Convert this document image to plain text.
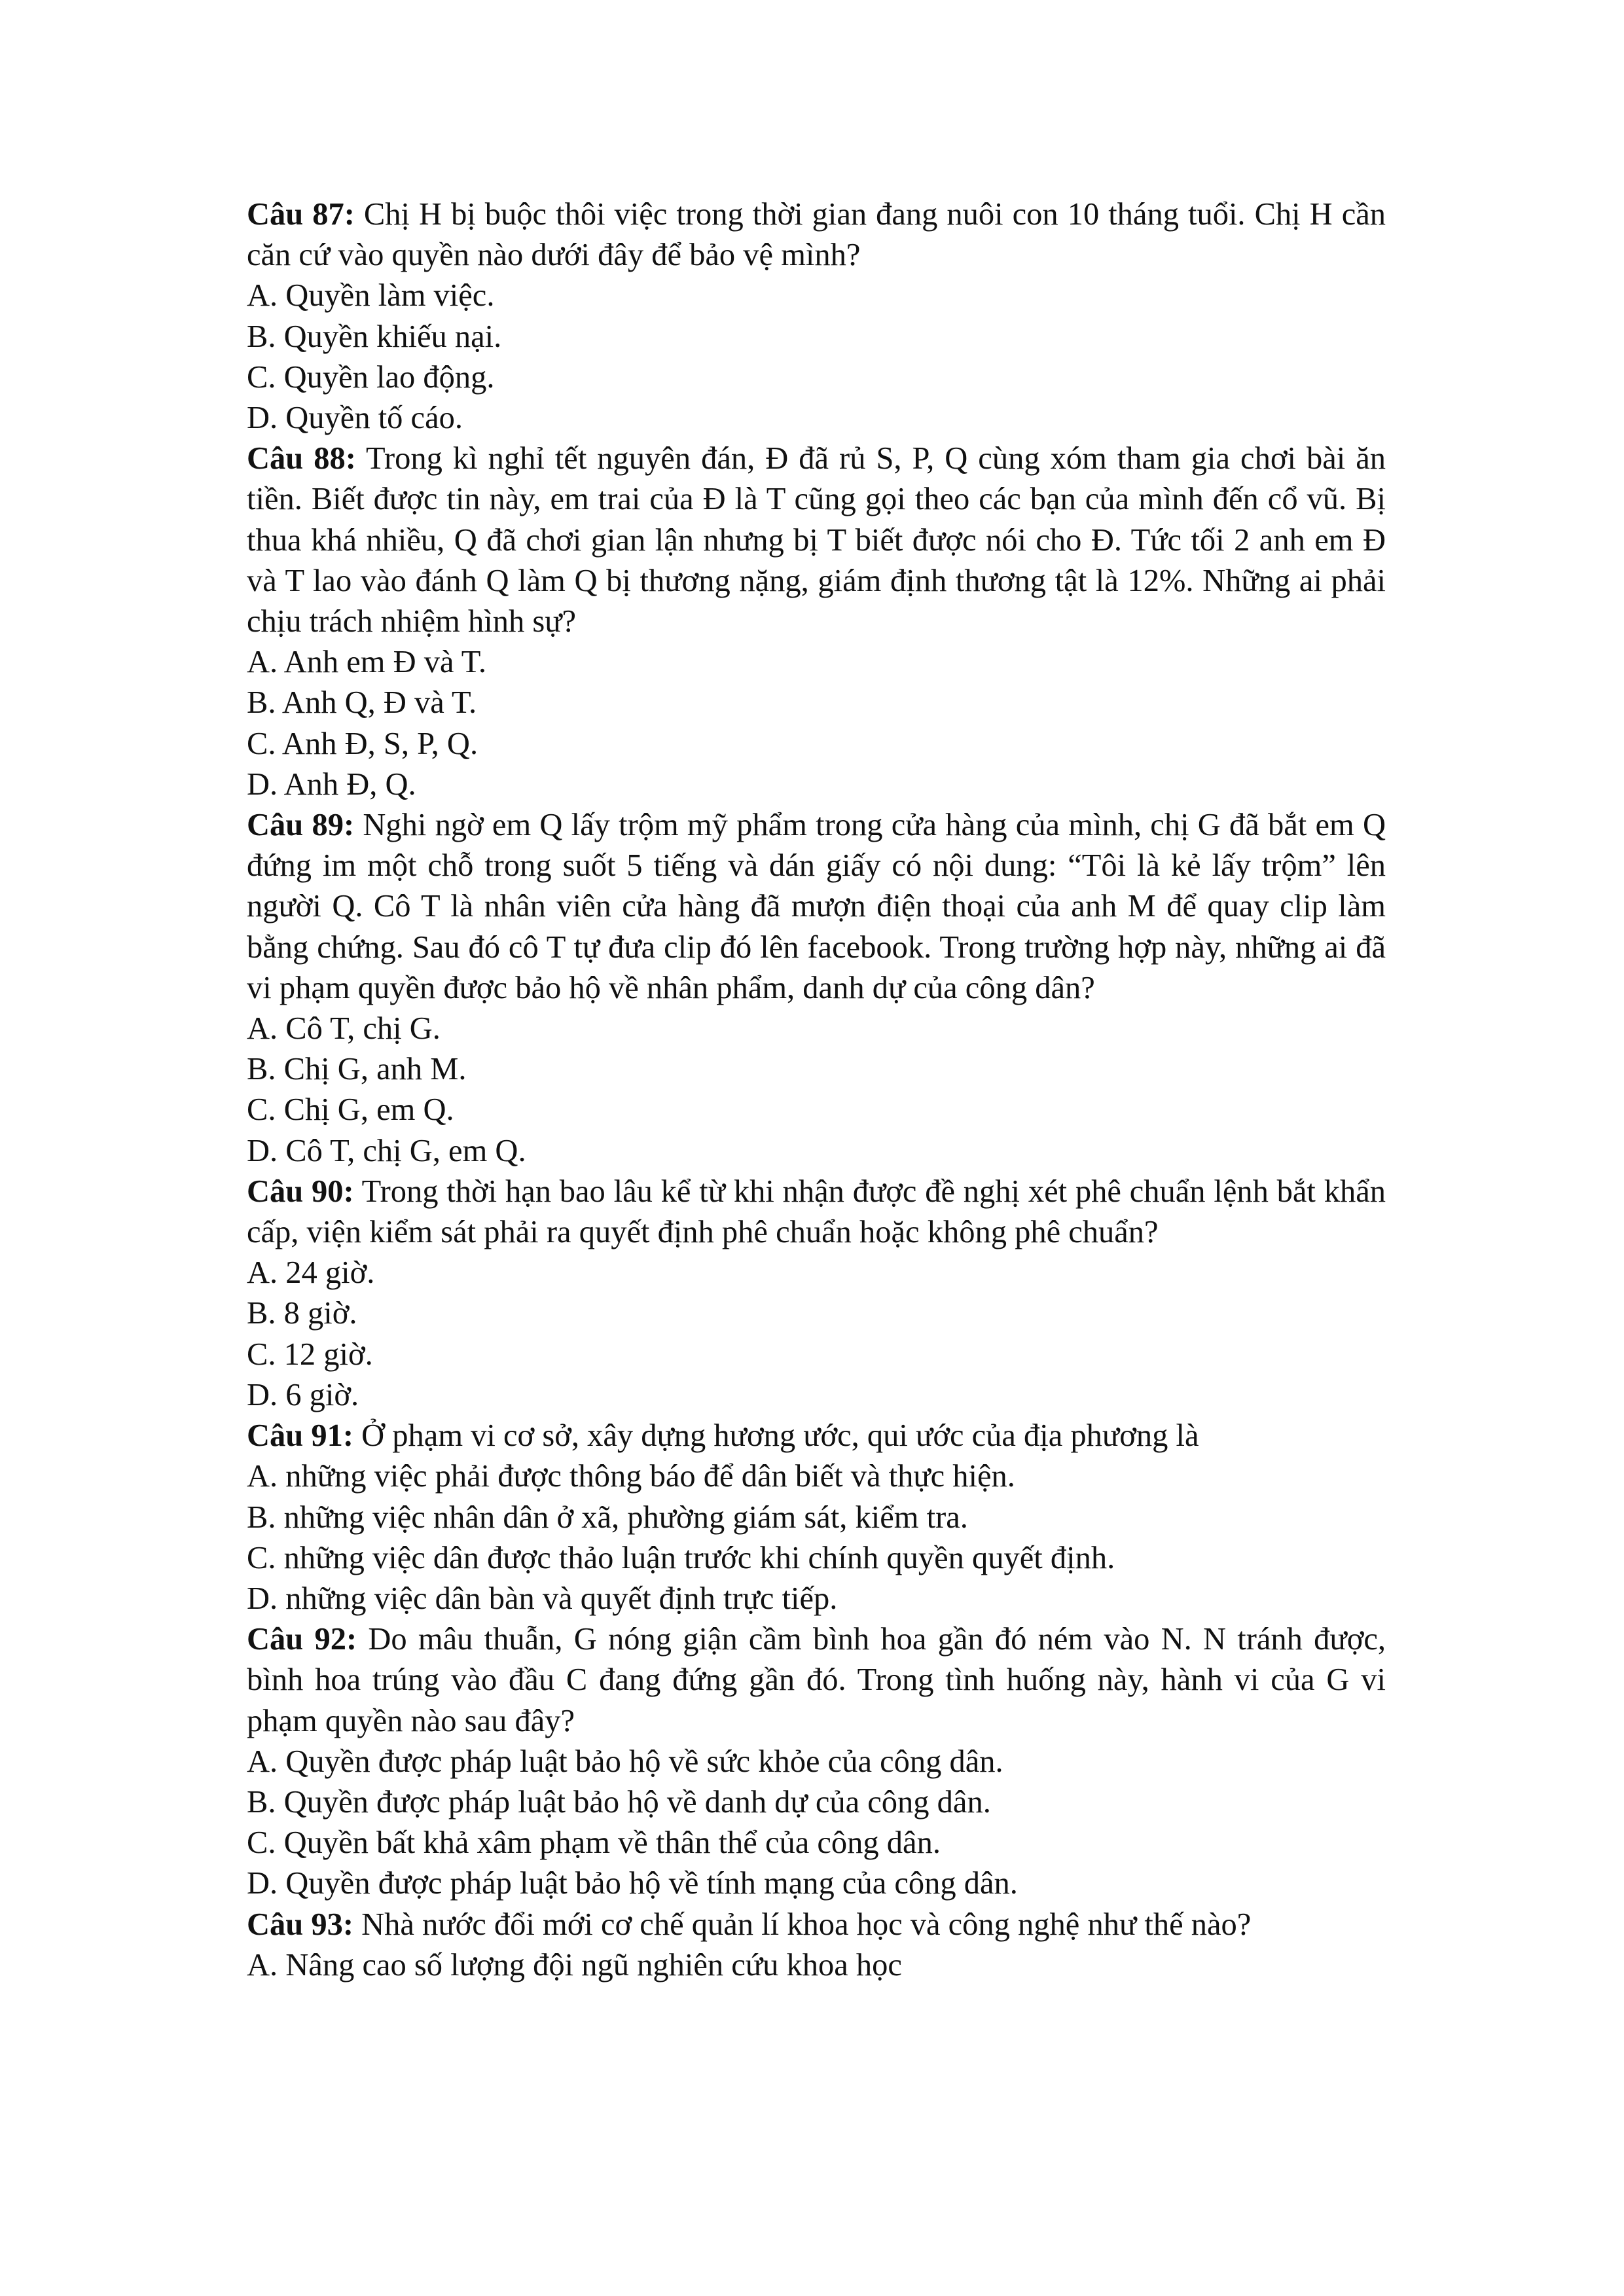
Câu 87: Chị H bị buộc thôi việc trong thời gian đang nuôi con 10 tháng tuổi. Chị H cần căn cứ vào quyền nào dưới đây để bảo vệ mình?

A. Quyền làm việc.

B. Quyền khiếu nại.

C. Quyền lao động.

D. Quyền tố cáo.

Câu 88: Trong kì nghỉ tết nguyên đán, Đ đã rủ S, P, Q cùng xóm tham gia chơi bài ăn tiền. Biết được tin này, em trai của Đ là T cũng gọi theo các bạn của mình đến cổ vũ. Bị thua khá nhiều, Q đã chơi gian lận nhưng bị T biết được nói cho Đ. Tức tối 2 anh em Đ và T lao vào đánh Q làm Q bị thương nặng, giám định thương tật là 12%. Những ai phải chịu trách nhiệm hình sự?

A. Anh em Đ và T.

B. Anh Q, Đ và T.

C. Anh Đ, S, P, Q.

D. Anh Đ, Q.

Câu 89: Nghi ngờ em Q lấy trộm mỹ phẩm trong cửa hàng của mình, chị G đã bắt em Q đứng im một chỗ trong suốt 5 tiếng và dán giấy có nội dung: “Tôi là kẻ lấy trộm” lên người Q. Cô T là nhân viên cửa hàng đã mượn điện thoại của anh M để quay clip làm bằng chứng. Sau đó cô T tự đưa clip đó lên facebook. Trong trường hợp này, những ai đã vi phạm quyền được bảo hộ về nhân phẩm, danh dự của công dân?

A. Cô T, chị G.

B. Chị G, anh M.

C. Chị G, em Q.

D. Cô T, chị G, em Q.

Câu 90: Trong thời hạn bao lâu kể từ khi nhận được đề nghị xét phê chuẩn lệnh bắt khẩn cấp, viện kiểm sát phải ra quyết định phê chuẩn hoặc không phê chuẩn?

A. 24 giờ.

B. 8 giờ.

C. 12 giờ.

D. 6 giờ.

Câu 91: Ở phạm vi cơ sở, xây dựng hương ước, qui ước của địa phương là

A. những việc phải được thông báo để dân biết và thực hiện.

B. những việc nhân dân ở xã, phường giám sát, kiểm tra.

C. những việc dân được thảo luận trước khi chính quyền quyết định.

D. những việc dân bàn và quyết định trực tiếp.

Câu 92: Do mâu thuẫn, G nóng giận cầm bình hoa gần đó ném vào N. N tránh được, bình hoa trúng vào đầu C đang đứng gần đó. Trong tình huống này, hành vi của G vi phạm quyền nào sau đây?

A. Quyền được pháp luật bảo hộ về sức khỏe của công dân.

B. Quyền được pháp luật bảo hộ về danh dự của công dân.

C. Quyền bất khả xâm phạm về thân thể của công dân.

D. Quyền được pháp luật bảo hộ về tính mạng của công dân.

Câu 93: Nhà nước đổi mới cơ chế quản lí khoa học và công nghệ như thế nào?

A. Nâng cao số lượng đội ngũ nghiên cứu khoa học
